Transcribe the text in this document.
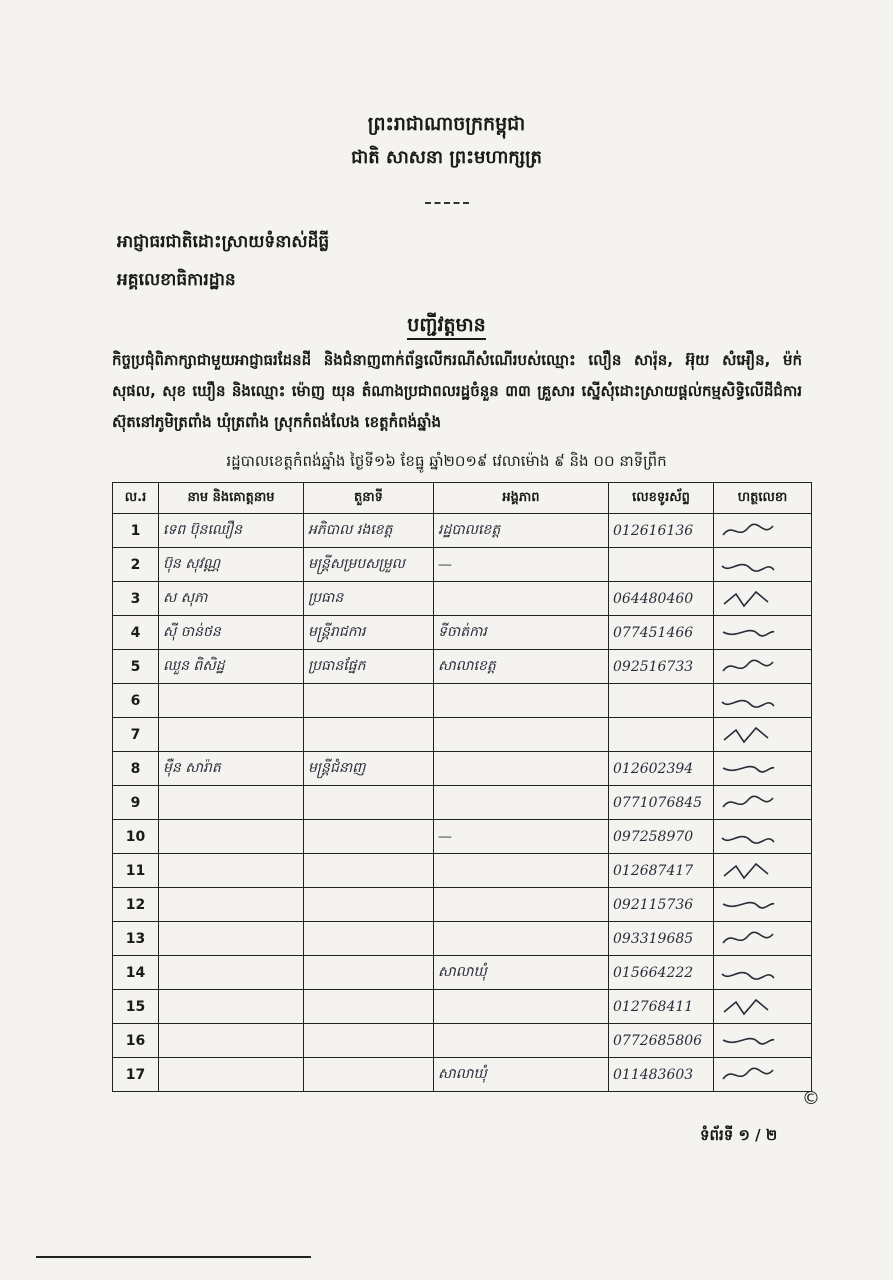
ព្រះរាជាណាចក្រកម្ពុជា
ជាតិ សាសនា ព្រះមហាក្សត្រ
អាជ្ញាធរជាតិដោះស្រាយទំនាស់ដីធ្លី
អគ្គលេខាធិការដ្ឋាន
បញ្ជីវត្តមាន
កិច្ចប្រជុំពិភាក្សាជាមួយអាជ្ញាធរដែនដី និងជំនាញពាក់ព័ន្ធលើករណីសំណើរបស់ឈ្មោះ លឿន សារ៉ុន, អ៊ុយ សំអឿន, ម៉ក់ សុផល, សុខ ឃឿន និងឈ្មោះ ម៉ោញ យុន តំណាងប្រជាពលរដ្ឋចំនួន ៣៣ គ្រួសារ ស្នើសុំដោះស្រាយផ្តល់កម្មសិទ្ធិលើដីជំការស៊ុតនៅភូមិត្រពាំង ឃុំត្រពាំង ស្រុកកំពង់លែង ខេត្តកំពង់ឆ្នាំង
រដ្ឋបាលខេត្តកំពង់ឆ្នាំង ថ្ងៃទី១៦ ខែធ្នូ ឆ្នាំ២០១៩ វេលាម៉ោង ៩ និង ០០ នាទីព្រឹក
ល.រ	នាម និងគោត្តនាម	តួនាទី	អង្គភាព	លេខទូរស័ព្ទ	ហត្ថលេខា
1	ទេព ប៊ុនឈឿន	អភិបាល រងខេត្ត	រដ្ឋបាលខេត្ត	012616136	

2	ប៊ុន សុវណ្ណ	មន្ត្រីសម្របសម្រួល	—		

3	ស សុភា	ប្រធាន		064480460	

4	ស៊ី ចាន់ថន	មន្ត្រីរាជការ	ទីចាត់ការ	077451466	

5	ឈួន ពិសិដ្ឋ	ប្រធានផ្នែក	សាលាខេត្ត	092516733	

6					

7					

8	ម៉ឺន សារ៉ាត	មន្ត្រីជំនាញ		012602394	

9				0771076845	

10			—	097258970	

11				012687417	

12				092115736	

13				093319685	

14			សាលាឃុំ	015664222	

15				012768411	

16				0772685806	

17			សាលាឃុំ	011483603	
©
ទំព័រទី ១ / ២
